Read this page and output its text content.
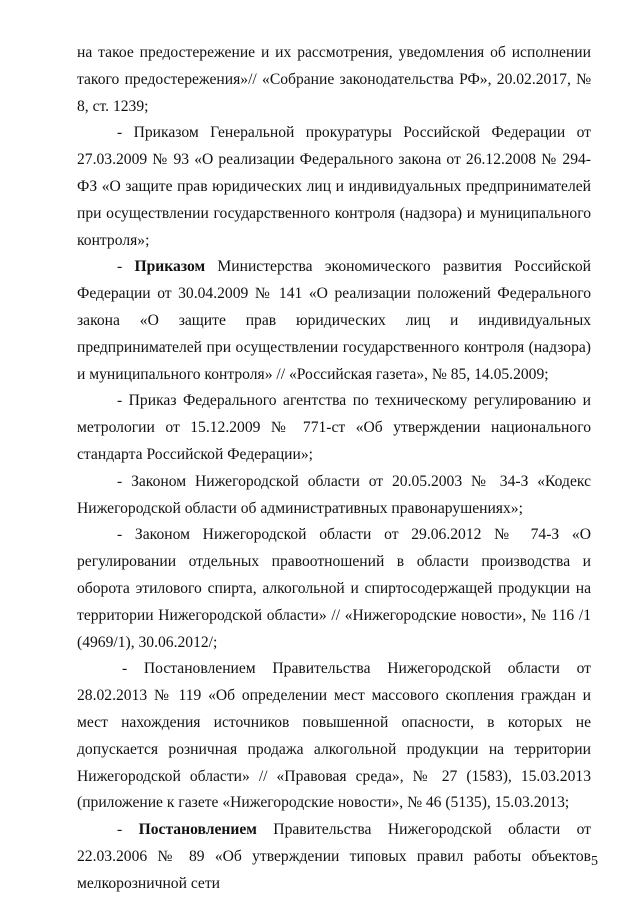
на такое предостережение и их рассмотрения, уведомления об исполнении такого предостережения»// «Собрание законодательства РФ», 20.02.2017, № 8, ст. 1239;

- Приказом Генеральной прокуратуры Российской Федерации от 27.03.2009 № 93 «О реализации Федерального закона от 26.12.2008 № 294-ФЗ «О защите прав юридических лиц и индивидуальных предпринимателей при осуществлении государственного контроля (надзора) и муниципального контроля»;

- Приказом Министерства экономического развития Российской Федерации от 30.04.2009 № 141 «О реализации положений Федерального закона «О защите прав юридических лиц и индивидуальных предпринимателей при осуществлении государственного контроля (надзора) и муниципального контроля» // «Российская газета», № 85, 14.05.2009;

- Приказ Федерального агентства по техническому регулированию и метрологии от 15.12.2009 № 771-ст «Об утверждении национального стандарта Российской Федерации»;

- Законом Нижегородской области от 20.05.2003 № 34-З «Кодекс Нижегородской области об административных правонарушениях»;

- Законом Нижегородской области от 29.06.2012 № 74-З «О регулировании отдельных правоотношений в области производства и оборота этилового спирта, алкогольной и спиртосодержащей продукции на территории Нижегородской области» // «Нижегородские новости», № 116 /1 (4969/1), 30.06.2012/;

- Постановлением Правительства Нижегородской области от 28.02.2013 № 119 «Об определении мест массового скопления граждан и мест нахождения источников повышенной опасности, в которых не допускается розничная продажа алкогольной продукции на территории Нижегородской области» // «Правовая среда», № 27 (1583), 15.03.2013 (приложение к газете «Нижегородские новости», № 46 (5135), 15.03.2013;

- Постановлением Правительства Нижегородской области от 22.03.2006 № 89 «Об утверждении типовых правил работы объектов мелкорозничной сети

5
